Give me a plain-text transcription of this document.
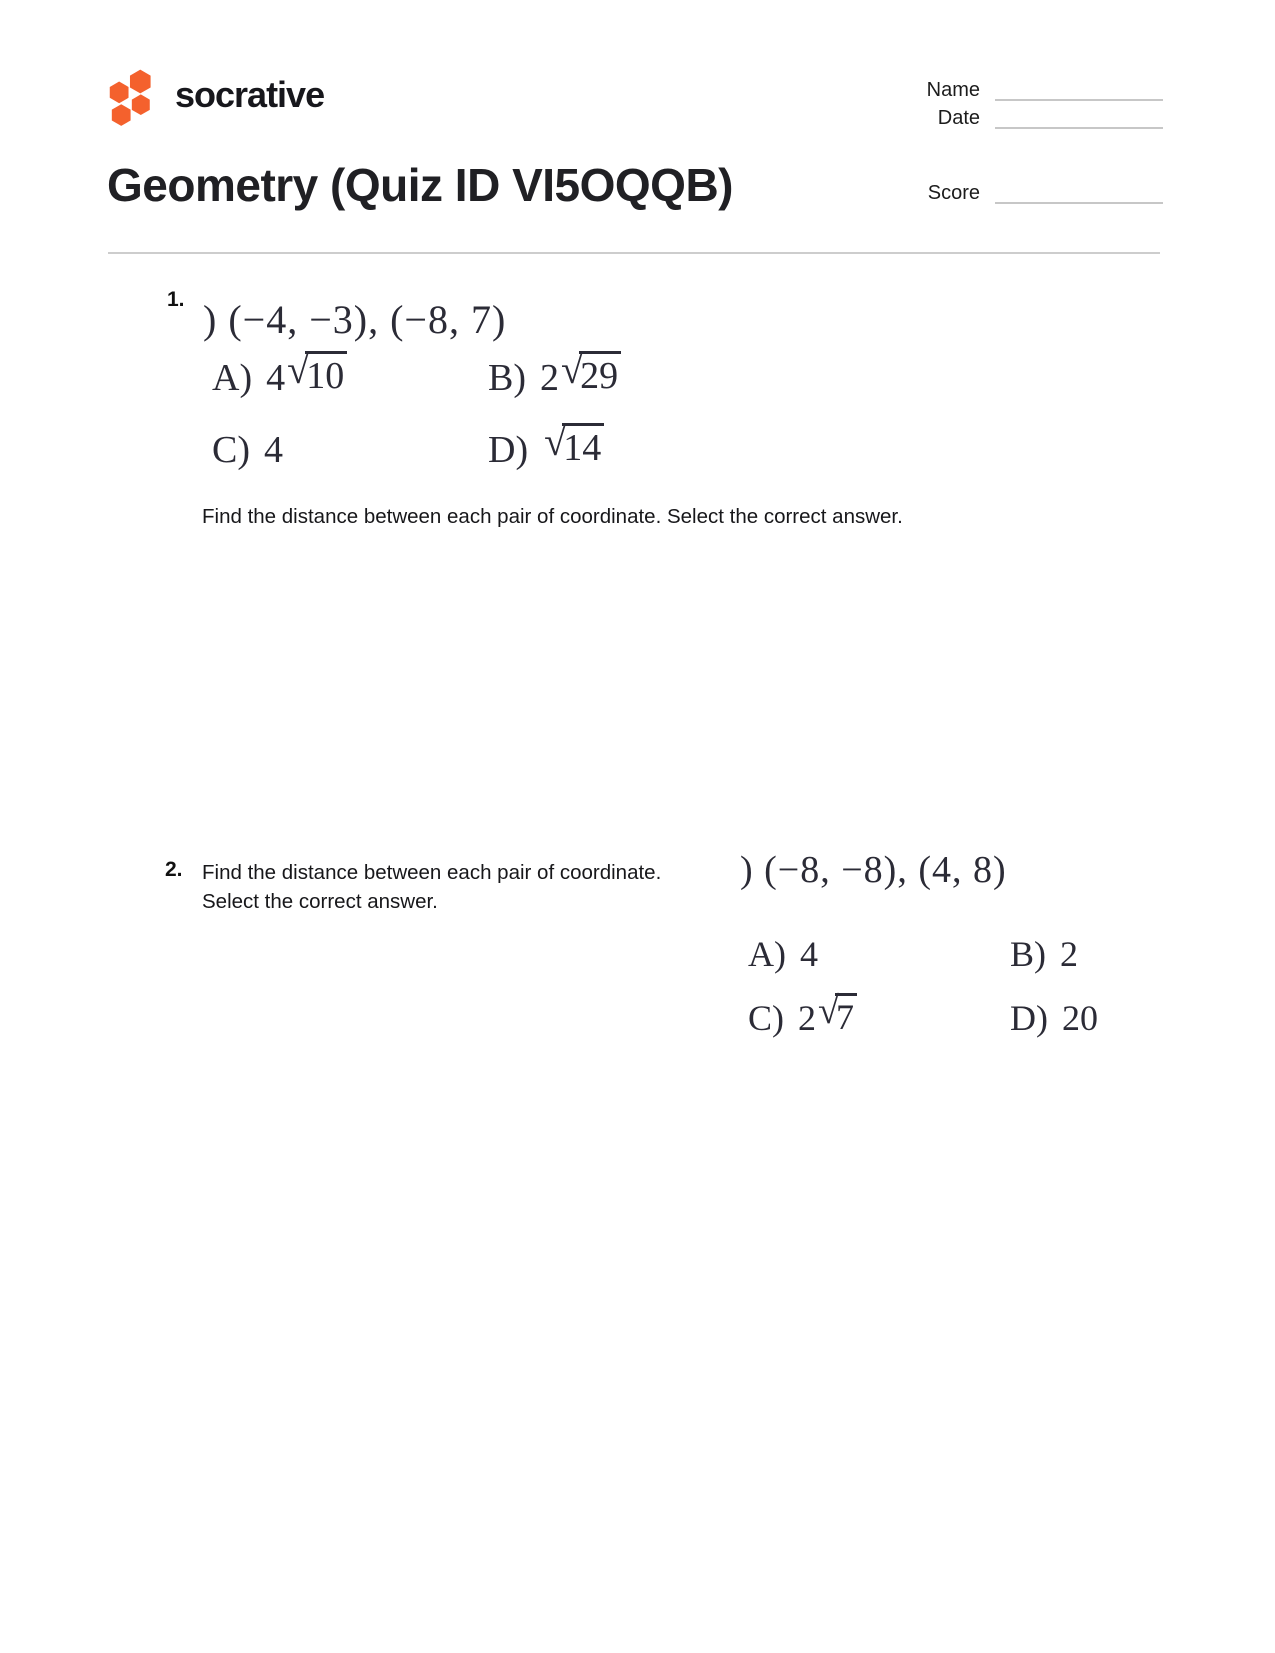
socrative	Name
Date
Geometry (Quiz ID VI5OQQB)	Score
1. ) (−4, −3), (−8, 7)
A) 4 √
10	B) 2 √
29
C) 4	D) √
14

Find the distance between each pair of coordinate. Select the correct answer.

2. Find the distance between each pair of coordinate.
Select the correct answer.
) (−8, −8), (4, 8)
A) 4	B) 2
C) 2 √
7	D) 20
